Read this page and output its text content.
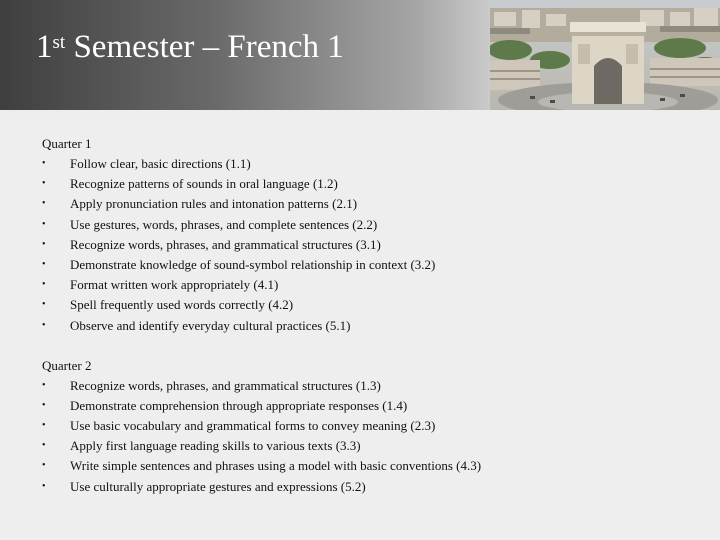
1st Semester – French 1
Quarter 1
• Follow clear, basic directions (1.1)
• Recognize patterns of sounds in oral language (1.2)
• Apply pronunciation rules and intonation patterns (2.1)
• Use gestures, words, phrases, and complete sentences (2.2)
• Recognize words, phrases, and grammatical structures (3.1)
• Demonstrate knowledge of sound-symbol relationship in context (3.2)
• Format written work appropriately (4.1)
• Spell frequently used words correctly (4.2)
• Observe and identify everyday cultural practices (5.1)
Quarter 2
• Recognize words, phrases, and grammatical structures (1.3)
• Demonstrate comprehension through appropriate responses (1.4)
• Use basic vocabulary and grammatical forms to convey meaning (2.3)
• Apply first language reading skills to various texts (3.3)
• Write simple sentences and phrases using a model with basic conventions (4.3)
• Use culturally appropriate gestures and expressions (5.2)
